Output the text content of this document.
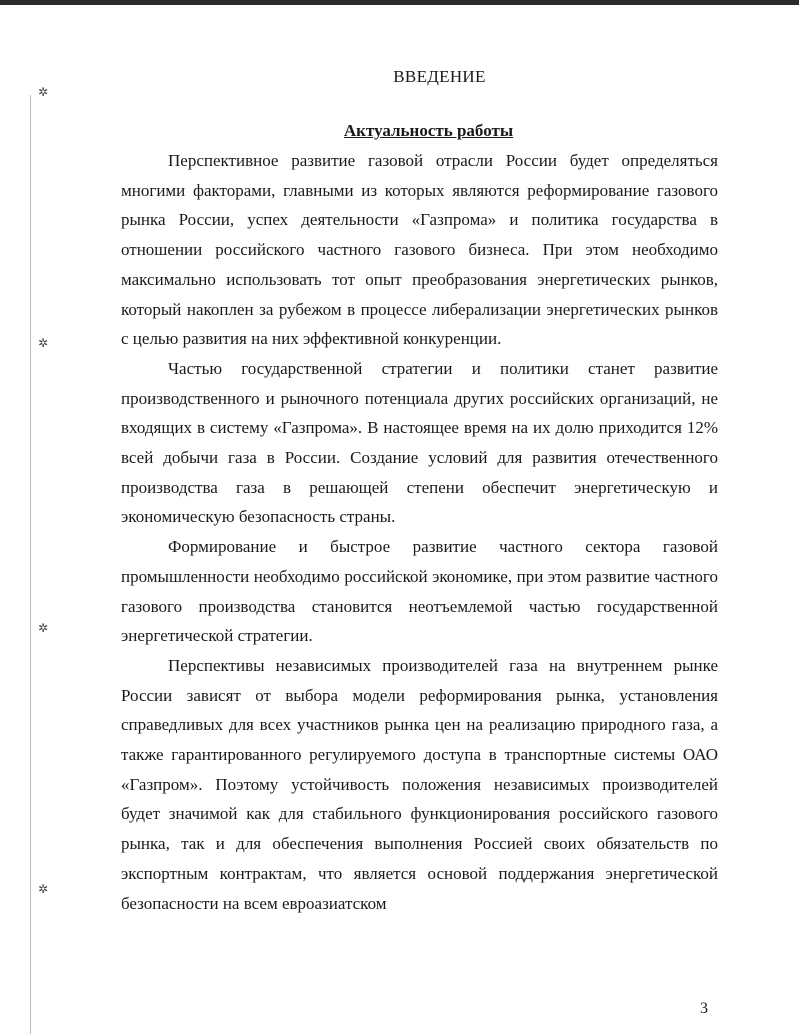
✲
✲
✲
✲
ВВЕДЕНИЕ
Актуальность работы

Перспективное развитие газовой отрасли России будет определяться многими факторами, главными из которых являются реформирование газового рынка России, успех деятельности «Газпрома» и политика государства в отношении российского частного газового бизнеса. При этом необходимо максимально использовать тот опыт преобразования энергетических рынков, который накоплен за рубежом в процессе либерализации энергетических рынков с целью развития на них эффективной конкуренции.

Частью государственной стратегии и политики станет развитие производственного и рыночного потенциала других российских организаций, не входящих в систему «Газпрома». В настоящее время на их долю приходится 12% всей добычи газа в России. Создание условий для развития отечественного производства газа в решающей степени обеспечит энергетическую и экономическую безопасность страны.

Формирование и быстрое развитие частного сектора газовой промышленности необходимо российской экономике, при этом развитие частного газового производства становится неотъемлемой частью государственной энергетической стратегии.

Перспективы независимых производителей газа на внутреннем рынке России зависят от выбора модели реформирования рынка, установления справедливых для всех участников рынка цен на реализацию природного газа, а также гарантированного регулируемого доступа в транспортные системы ОАО «Газпром». Поэтому устойчивость положения независимых производителей будет значимой как для стабильного функционирования российского газового рынка, так и для обеспечения выполнения Россией своих обязательств по экспортным контрактам, что является основой поддержания энергетической безопасности на всем евроазиатском

3
